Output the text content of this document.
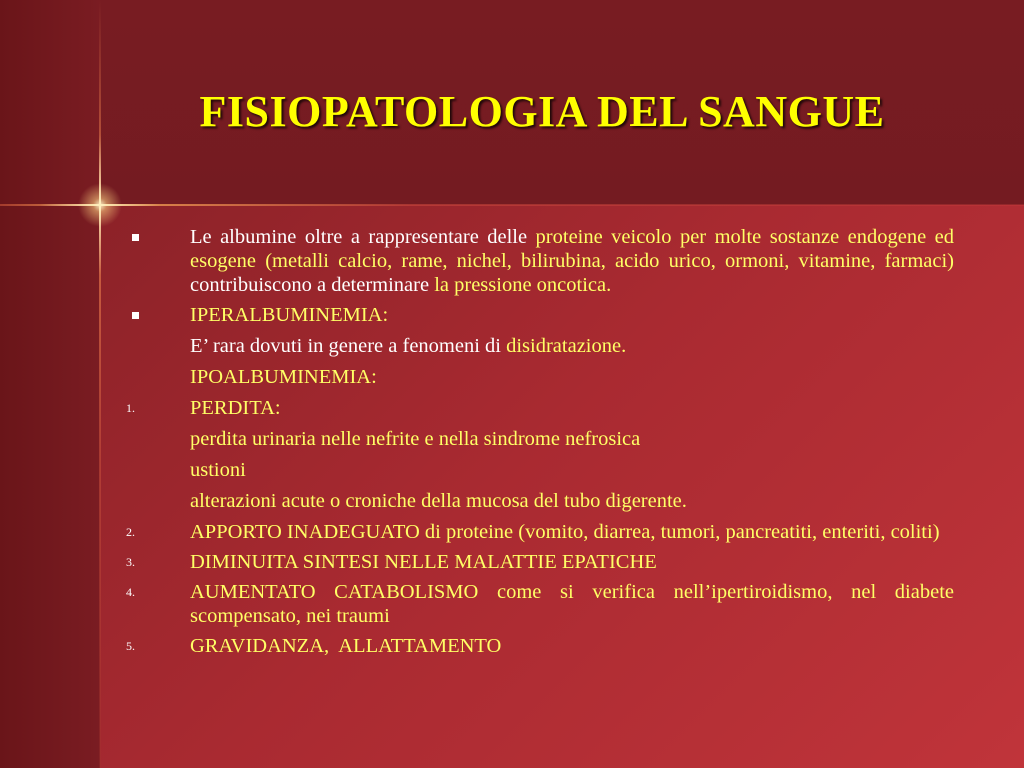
FISIOPATOLOGIA DEL SANGUE
Le albumine oltre a rappresentare delle proteine veicolo per molte sostanze endogene ed esogene (metalli calcio, rame, nichel, bilirubina, acido urico, ormoni, vitamine, farmaci) contribuiscono a determinare la pressione oncotica.
IPERALBUMINEMIA:
E’ rara dovuti in genere a fenomeni di disidratazione.
IPOALBUMINEMIA:
1.	PERDITA:
perdita urinaria nelle nefrite e nella sindrome nefrosica
ustioni
alterazioni acute o croniche della mucosa del tubo digerente.
2.	APPORTO INADEGUATO di proteine (vomito, diarrea, tumori, pancreatiti, enteriti, coliti)
3.	DIMINUITA SINTESI NELLE MALATTIE EPATICHE
4.	AUMENTATO CATABOLISMO come si verifica nell’ipertiroidismo, nel diabete scompensato, nei traumi
5.	GRAVIDANZA,  ALLATTAMENTO
